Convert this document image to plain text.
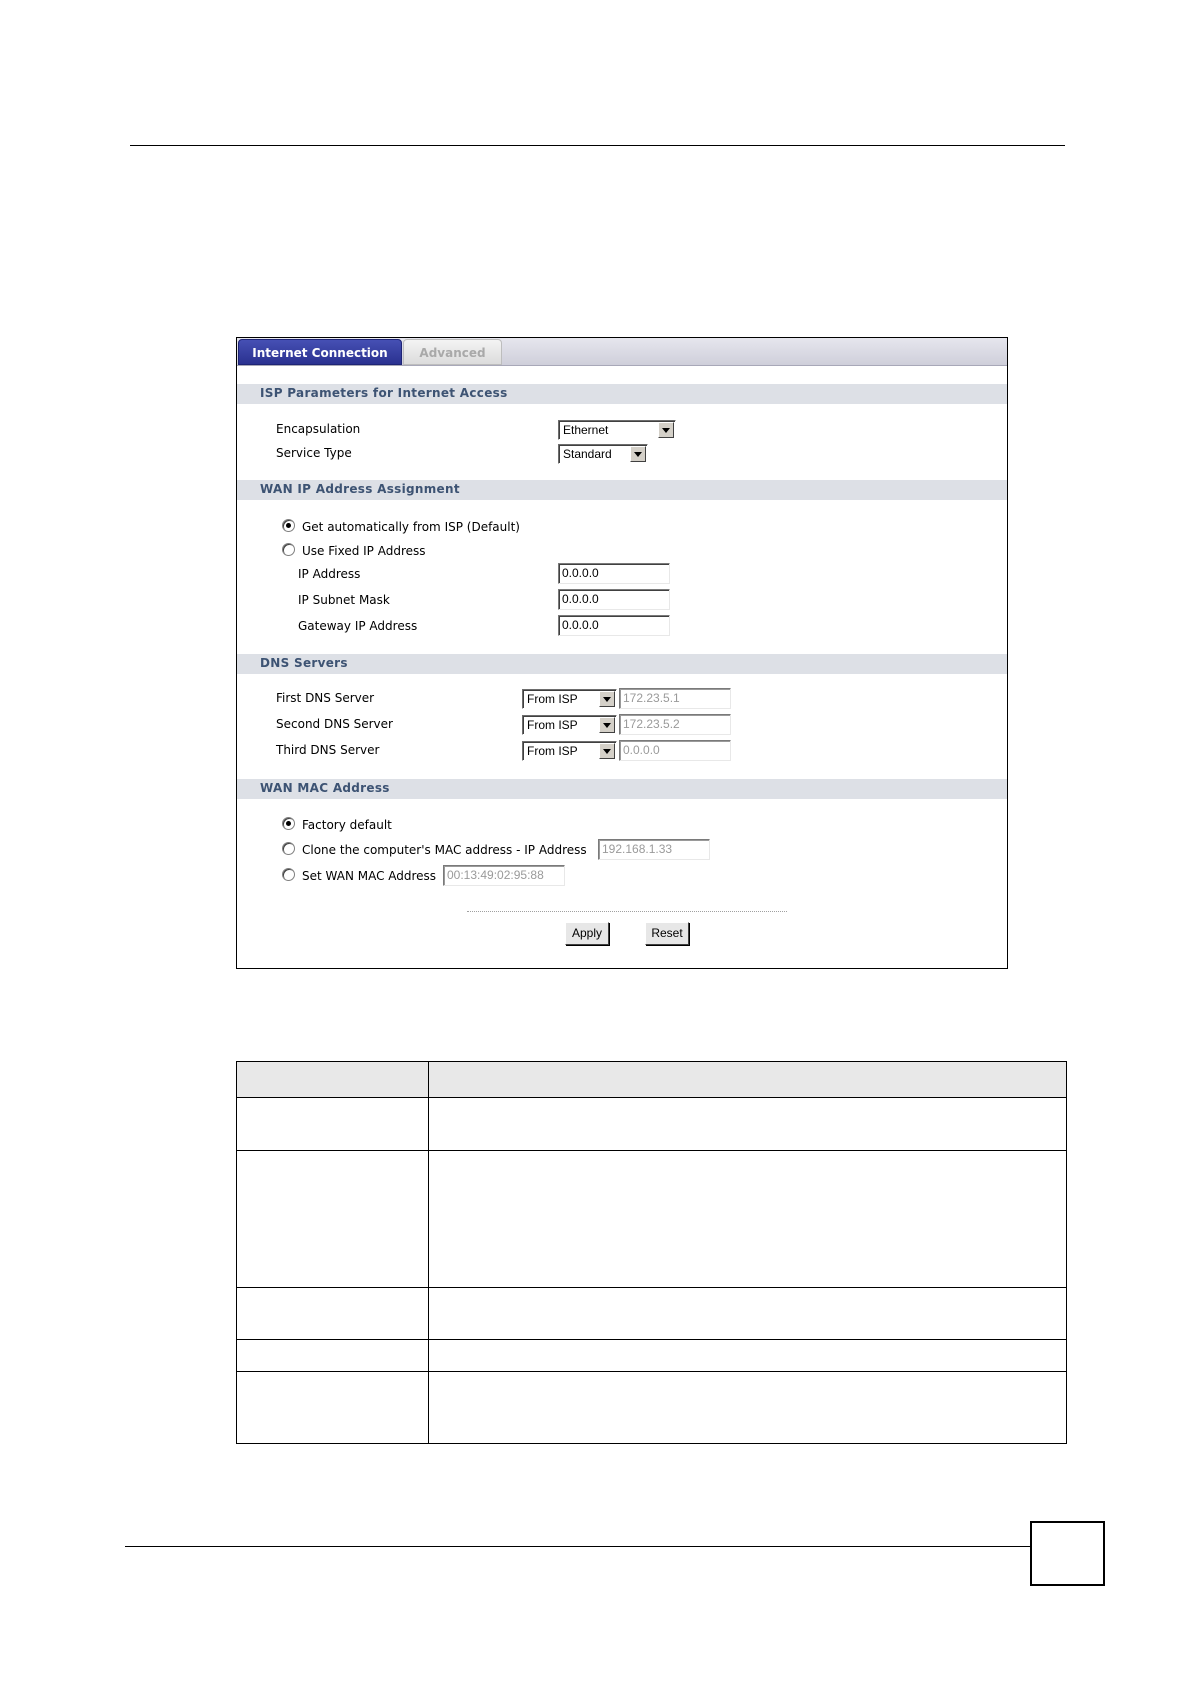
Internet Connection	Advanced
ISP Parameters for Internet Access
Encapsulation	Ethernet
Service Type	Standard
WAN IP Address Assignment
Get automatically from ISP (Default)
Use Fixed IP Address
IP Address	0.0.0.0
IP Subnet Mask	0.0.0.0
Gateway IP Address	0.0.0.0
DNS Servers
First DNS Server	From ISP	172.23.5.1
Second DNS Server	From ISP	172.23.5.2
Third DNS Server	From ISP	0.0.0.0
WAN MAC Address
Factory default
Clone the computer's MAC address - IP Address	192.168.1.33
Set WAN MAC Address 00:13:49:02:95:88
Apply	Reset
